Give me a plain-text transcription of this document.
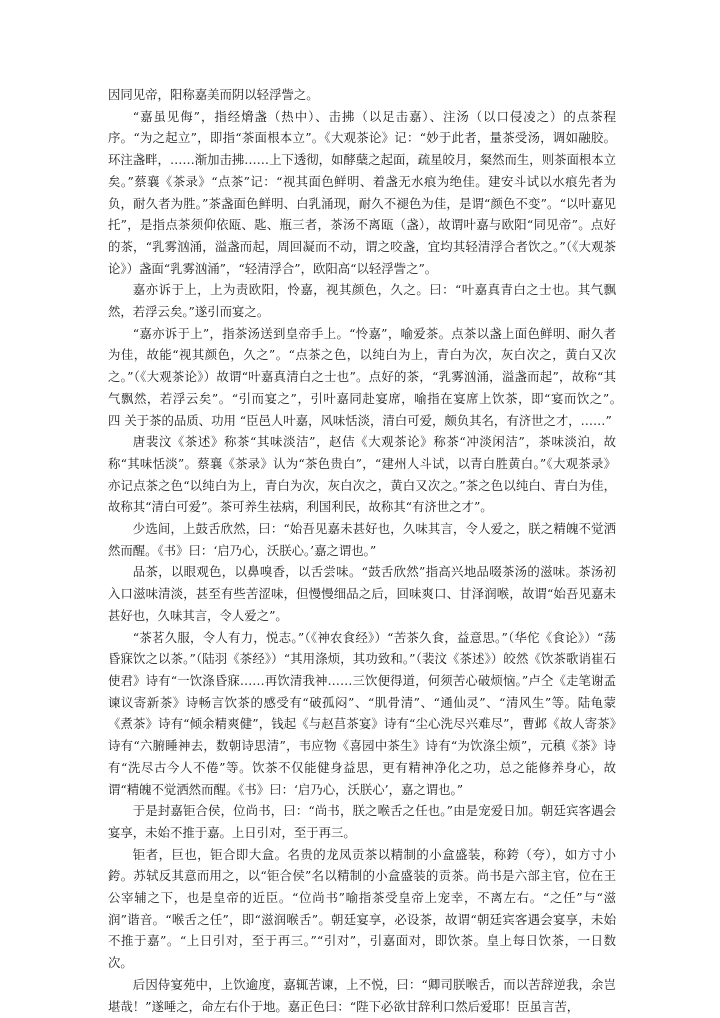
因同见帝，阳称嘉美而阴以轻浮訾之。

“嘉虽见侮”，指经熁盏（热中）、击拂（以足击嘉）、注汤（以口侵凌之）的点茶程序。“为之起立”，即指“茶面根本立”。《大观茶论》记：“妙于此者，量茶受汤，调如融胶。环注盏畔，……渐加击拂……上下透彻，如酵蘖之起面，疏星皎月，粲然而生，则茶面根本立矣。”蔡襄《茶录》“点茶”记：“视其面色鲜明、着盏无水痕为绝佳。建安斗试以水痕先者为负，耐久者为胜。”茶盏面色鲜明、白乳涌现，耐久不褪色为佳，是谓“颜色不变”。“以叶嘉见托”，是指点茶须仰依瓯、匙、瓶三者，茶汤不离瓯（盏），故谓叶嘉与欧阳“同见帝”。点好的茶，“乳雾汹涌，溢盏而起，周回凝而不动，谓之咬盏，宜均其轻清浮合者饮之。”（《大观茶论》）盏面“乳雾汹涌”，“轻清浮合”，欧阳高“以轻浮訾之”。

嘉亦诉于上，上为责欧阳，怜嘉，视其颜色，久之。曰：“叶嘉真青白之士也。其气飘然，若浮云矣。”遂引而宴之。

“嘉亦诉于上”，指茶汤送到皇帝手上。“怜嘉”，喻爱茶。点茶以盏上面色鲜明、耐久者为佳，故能“视其颜色，久之”。“点茶之色，以纯白为上，青白为次，灰白次之，黄白又次之。”（《大观茶论》）故谓“叶嘉真清白之士也”。点好的茶，“乳雾汹涌，溢盏而起”，故称“其气飘然，若浮云矣”。“引而宴之”，引叶嘉同赴宴席，喻指在宴席上饮茶，即“宴而饮之”。　四 关于茶的品质、功用 “臣邑人叶嘉，风味恬淡，清白可爱，颇负其名，有济世之才，……”

唐裴汶《茶述》称茶“其味淡洁”，赵佶《大观茶论》称茶“冲淡闲洁”，茶味淡泊，故称“其味恬淡”。蔡襄《茶录》认为“茶色贵白”，“建州人斗试，以青白胜黄白。”《大观茶录》亦记点茶之色“以纯白为上，青白为次，灰白次之，黄白又次之。”茶之色以纯白、青白为佳，故称其“清白可爱”。茶可养生祛病，利国利民，故称其“有济世之才”。

少选间，上鼓舌欣然，曰：“始吾见嘉未甚好也，久味其言，令人爱之，朕之精魄不觉洒然而醒。《书》曰：‘启乃心，沃朕心。’嘉之谓也。”

品茶，以眼观色，以鼻嗅香，以舌尝味。“鼓舌欣然”指高兴地品啜茶汤的滋味。茶汤初入口滋味清淡，甚至有些苦涩味，但慢慢细品之后，回味爽口、甘泽润喉，故谓“始吾见嘉未甚好也，久味其言，令人爱之”。

“茶茗久服，令人有力，悦志。”（《神农食经》）“苦茶久食，益意思。”（华佗《食论》）“荡昏寐饮之以茶。”（陆羽《茶经》）“其用涤烦，其功致和。”（裴汶《茶述》）皎然《饮茶歌诮崔石使君》诗有“一饮涤昏寐……再饮清我神……三饮便得道，何须苦心破烦恼。”卢仝《走笔谢孟谏议寄新茶》诗畅言饮茶的感受有“破孤闷”、“肌骨清”、“通仙灵”、“清风生”等。陆龟蒙《煮茶》诗有“倾余精爽健”，钱起《与赵莒茶宴》诗有“尘心洗尽兴难尽”，曹邺《故人寄茶》诗有“六腑睡神去，数朝诗思清”，韦应物《喜园中茶生》诗有“为饮涤尘烦”，元稹《茶》诗有“洗尽古今人不倦”等。饮茶不仅能健身益思，更有精神净化之功，总之能修养身心，故谓“精魄不觉洒然而醒。《书》曰：‘启乃心，沃朕心’，嘉之谓也。”

于是封嘉钜合侯，位尚书，曰：“尚书，朕之喉舌之任也。”由是宠爱日加。朝廷宾客遇会宴享，未始不推于嘉。上日引对，至于再三。

钜者，巨也，钜合即大盒。名贵的龙凤贡茶以精制的小盒盛装，称銙（夸），如方寸小銙。苏轼反其意而用之，以“钜合侯”名以精制的小盒盛装的贡茶。尚书是六部主官，位在王公宰辅之下，也是皇帝的近臣。“位尚书”喻指茶受皇帝上宠幸，不离左右。“之任”与“滋润”谐音。“喉舌之任”，即“滋润喉舌”。朝廷宴享，必设茶，故谓“朝廷宾客遇会宴享，未始不推于嘉”。“上日引对，至于再三。”“引对”，引嘉面对，即饮茶。皇上每日饮茶，一日数次。

后因侍宴苑中，上饮逾度，嘉辄苦谏，上不悦，曰：“卿司朕喉舌，而以苦辞逆我，余岂堪哉！”遂唾之，命左右仆于地。嘉正色曰：“陛下必欲甘辞利口然后爱耶！臣虽言苦，
